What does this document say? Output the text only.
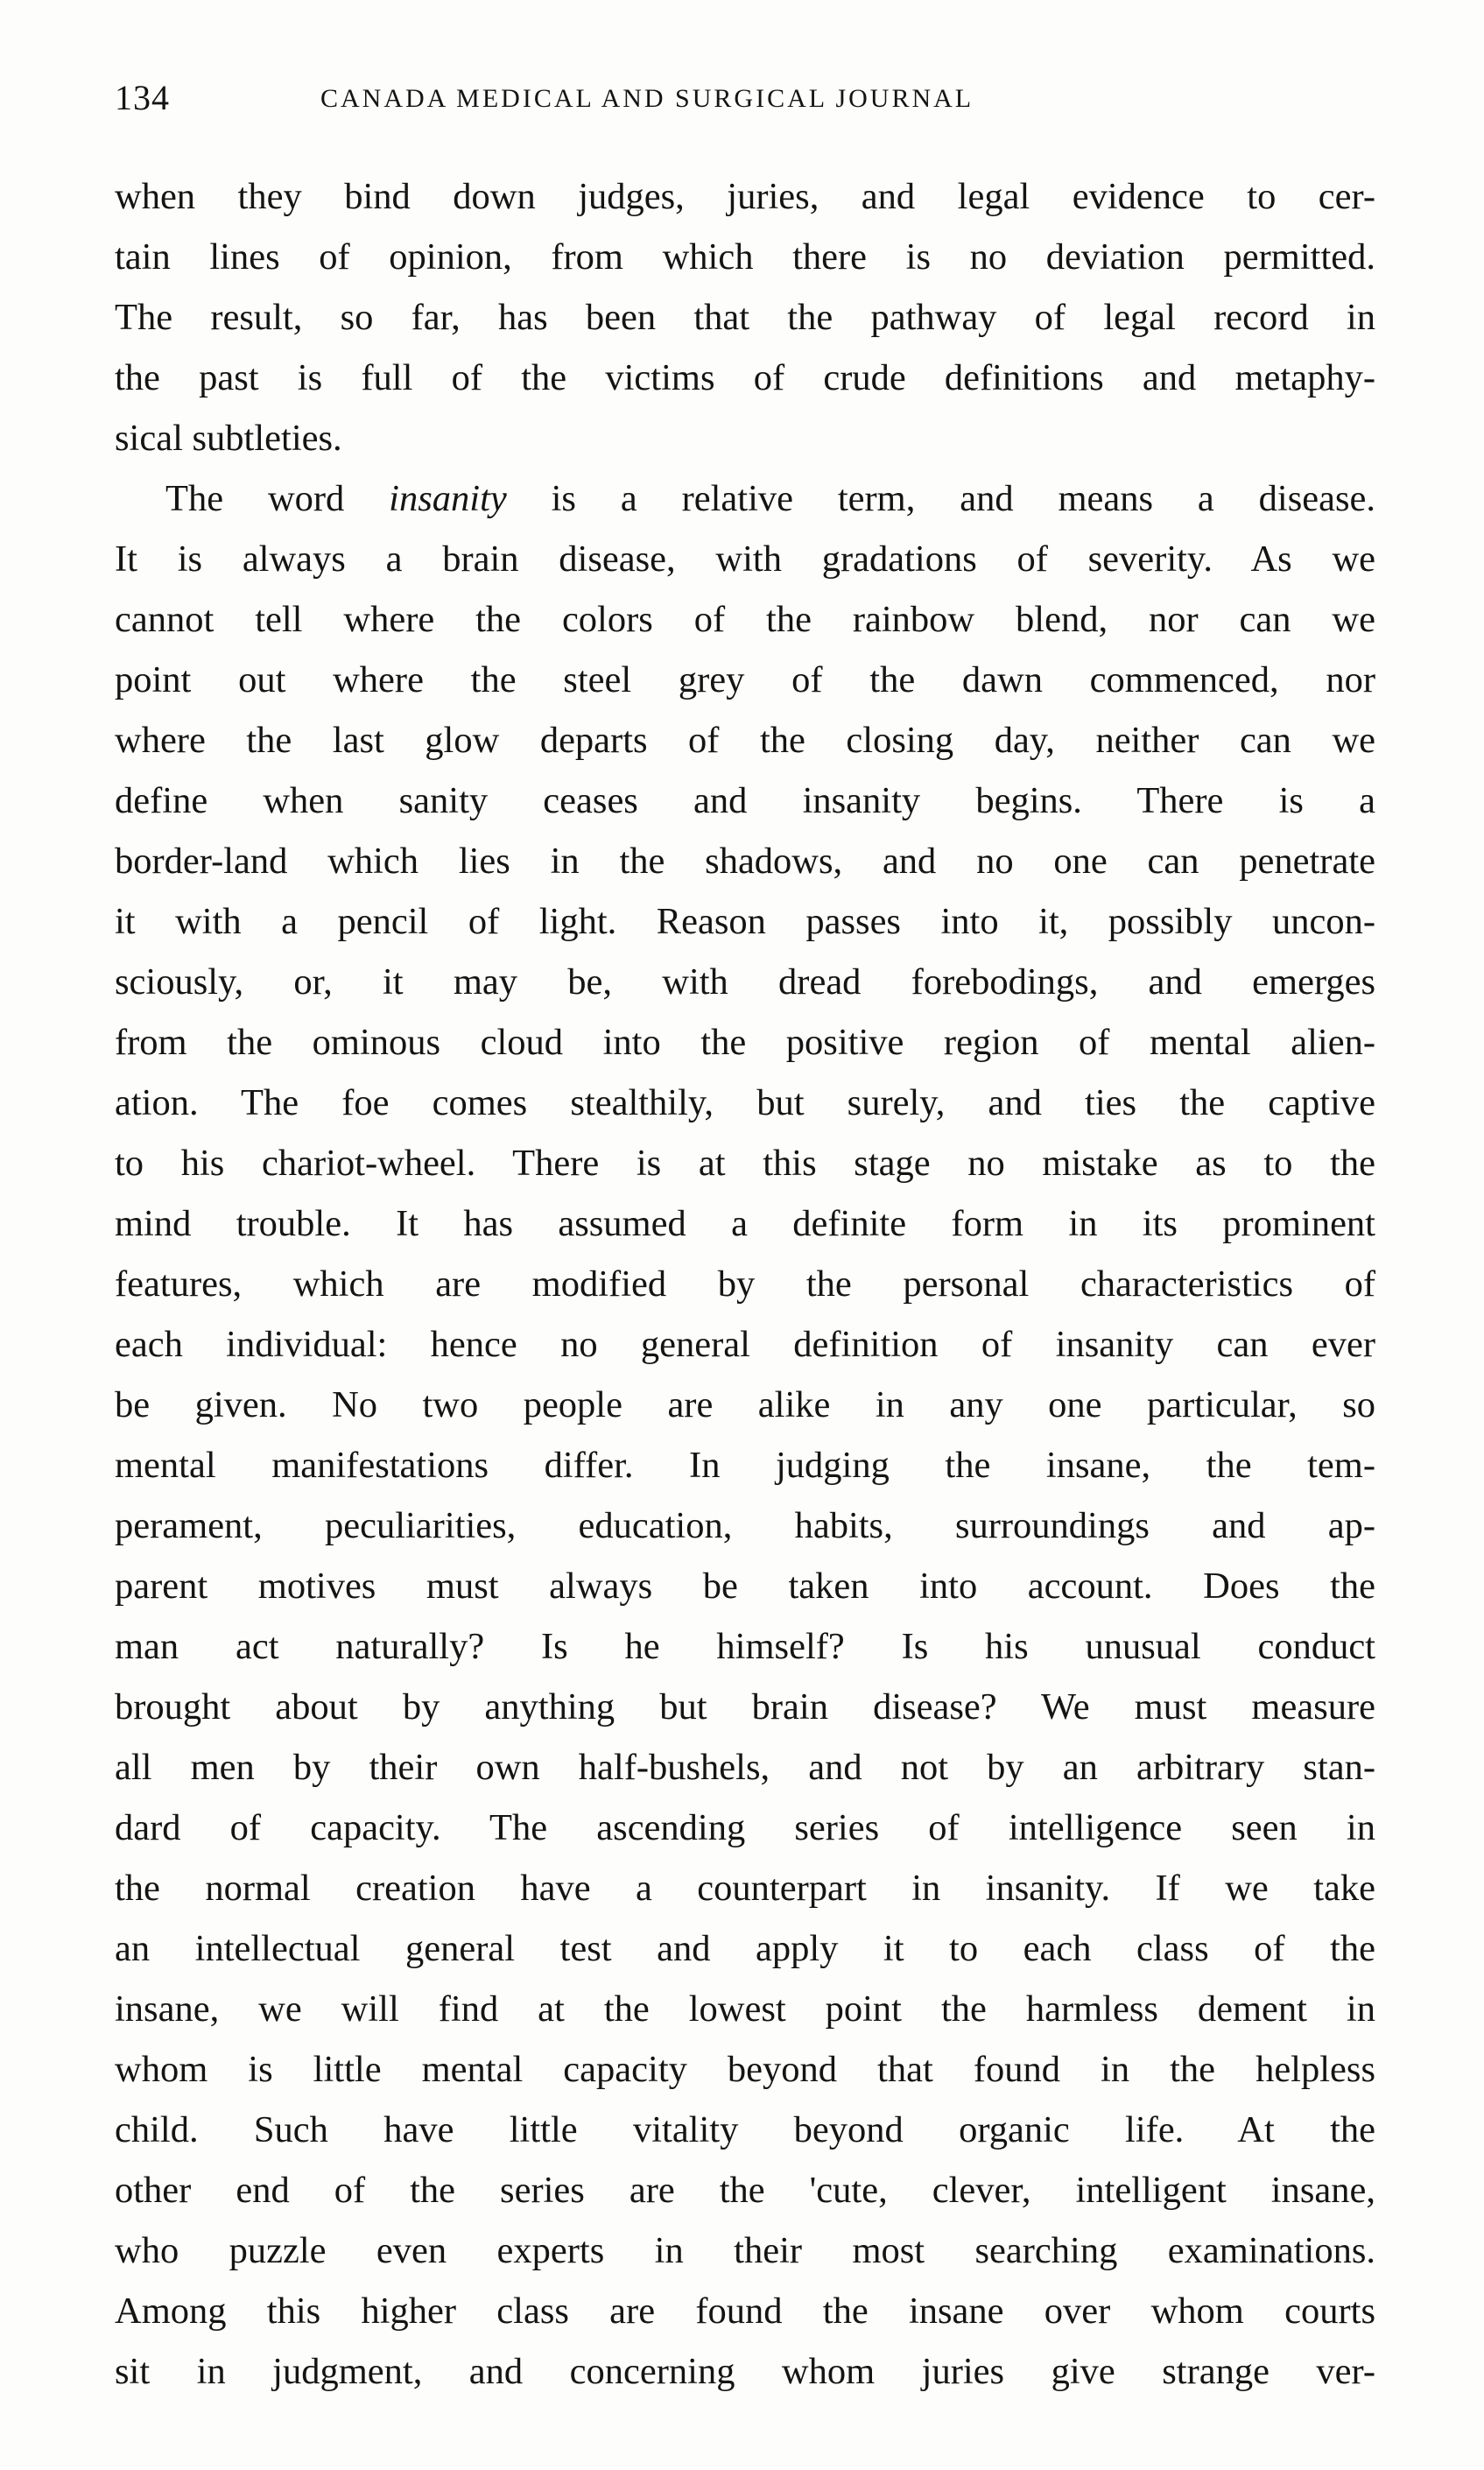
134	CANADA MEDICAL AND SURGICAL JOURNAL

when they bind down judges, juries, and legal evidence to cer-
tain lines of opinion, from which there is no deviation permitted.
The result, so far, has been that the pathway of legal record in
the past is full of the victims of crude definitions and metaphy-
sical subtleties.

The word insanity is a relative term, and means a disease.
It is always a brain disease, with gradations of severity. As we
cannot tell where the colors of the rainbow blend, nor can we
point out where the steel grey of the dawn commenced, nor
where the last glow departs of the closing day, neither can we
define when sanity ceases and insanity begins. There is a
border-land which lies in the shadows, and no one can penetrate
it with a pencil of light. Reason passes into it, possibly uncon-
sciously, or, it may be, with dread forebodings, and emerges
from the ominous cloud into the positive region of mental alien-
ation. The foe comes stealthily, but surely, and ties the captive
to his chariot-wheel. There is at this stage no mistake as to the
mind trouble. It has assumed a definite form in its prominent
features, which are modified by the personal characteristics of
each individual: hence no general definition of insanity can ever
be given. No two people are alike in any one particular, so
mental manifestations differ. In judging the insane, the tem-
perament, peculiarities, education, habits, surroundings and ap-
parent motives must always be taken into account. Does the
man act naturally? Is he himself? Is his unusual conduct
brought about by anything but brain disease? We must measure
all men by their own half-bushels, and not by an arbitrary stan-
dard of capacity. The ascending series of intelligence seen in
the normal creation have a counterpart in insanity. If we take
an intellectual general test and apply it to each class of the
insane, we will find at the lowest point the harmless dement in
whom is little mental capacity beyond that found in the helpless
child. Such have little vitality beyond organic life. At the
other end of the series are the 'cute, clever, intelligent insane,
who puzzle even experts in their most searching examinations.
Among this higher class are found the insane over whom courts
sit in judgment, and concerning whom juries give strange ver-
